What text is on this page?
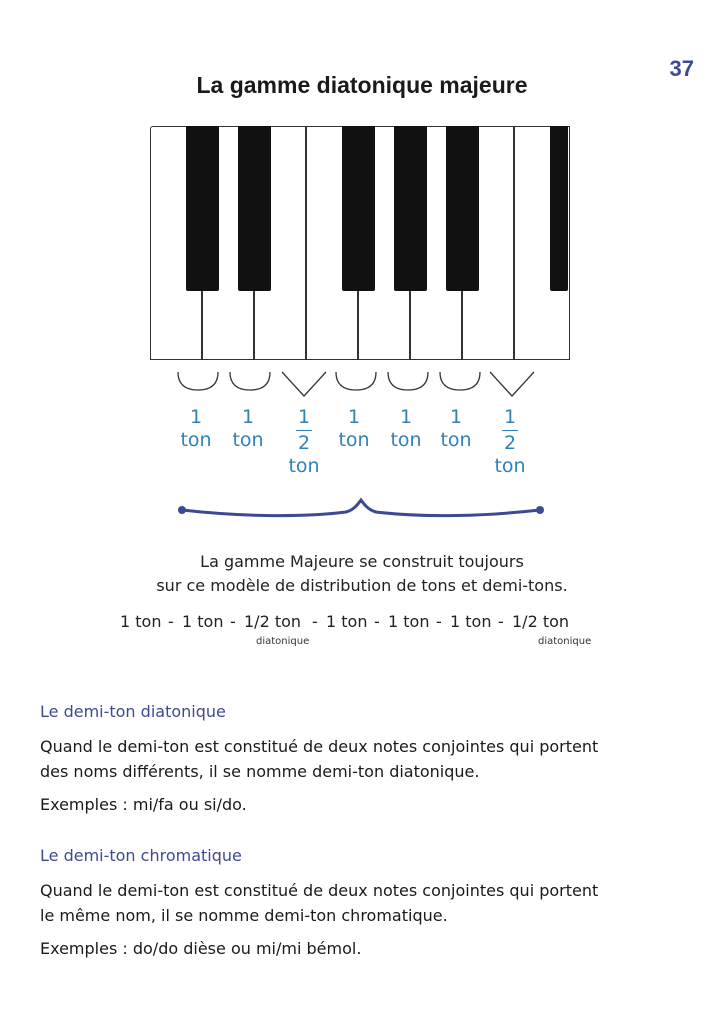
37
La gamme diatonique majeure
1
ton
1
ton
1
2
ton
1
ton
1
ton
1
ton
1
2
ton
La gamme Majeure se construit toujours
sur ce modèle de distribution de tons et demi-tons.
1 ton - 1 ton - 1/2 ton - 1 ton - 1 ton - 1 ton - 1/2 ton
diatonique	diatonique
Le demi-ton diatonique
Quand le demi-ton est constitué de deux notes conjointes qui portent
des noms différents, il se nomme demi-ton diatonique.
Exemples : mi/fa ou si/do.
Le demi-ton chromatique
Quand le demi-ton est constitué de deux notes conjointes qui portent
le même nom, il se nomme demi-ton chromatique.
Exemples : do/do dièse ou mi/mi bémol.
